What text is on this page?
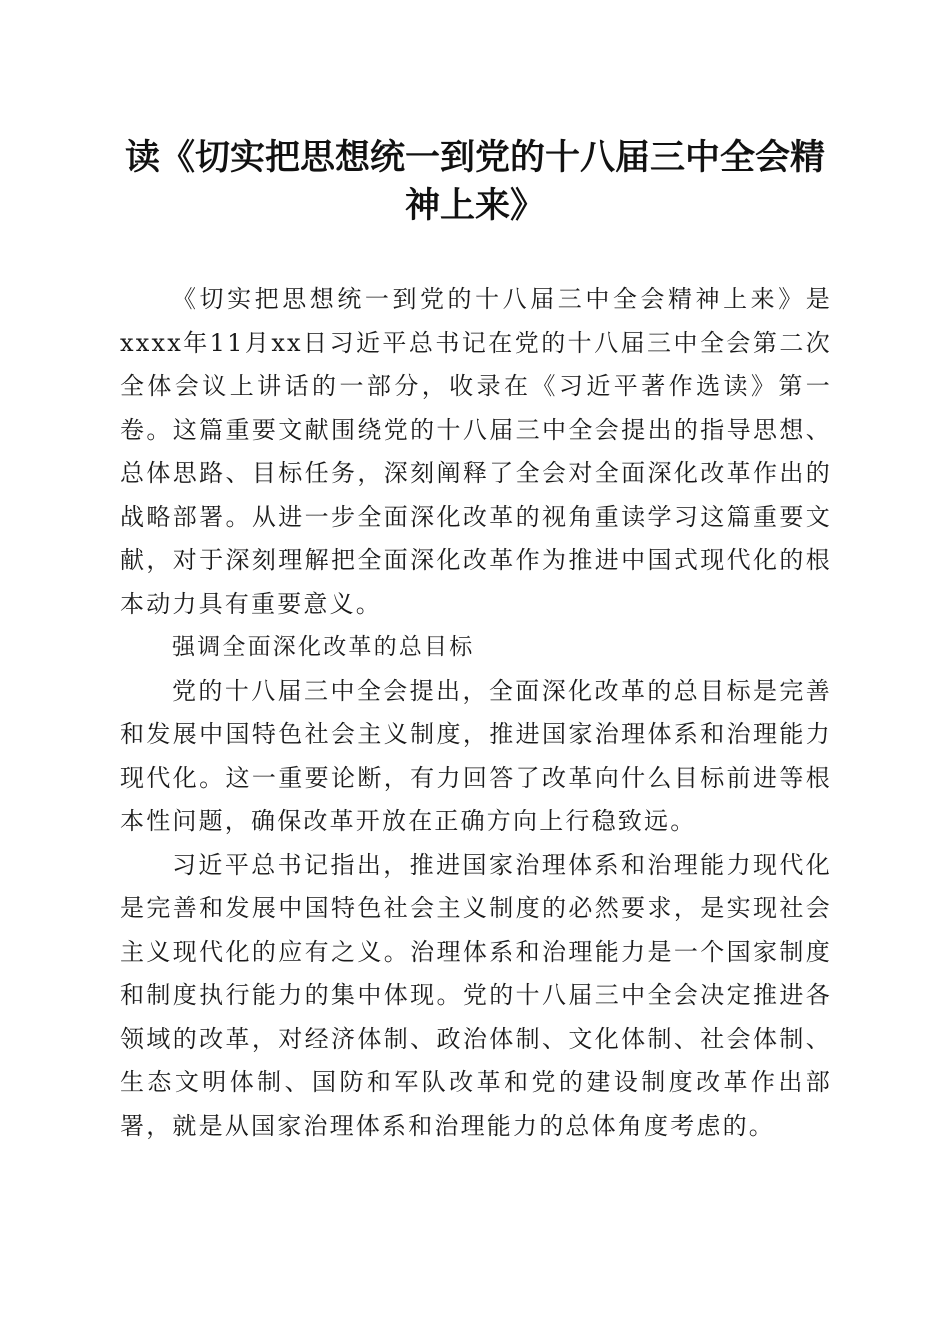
读《切实把思想统一到党的十八届三中全会精神上来》

《切实把思想统一到党的十八届三中全会精神上来》是xxxx年11月xx日习近平总书记在党的十八届三中全会第二次全体会议上讲话的一部分，收录在《习近平著作选读》第一卷。这篇重要文献围绕党的十八届三中全会提出的指导思想、总体思路、目标任务，深刻阐释了全会对全面深化改革作出的战略部署。从进一步全面深化改革的视角重读学习这篇重要文献，对于深刻理解把全面深化改革作为推进中国式现代化的根本动力具有重要意义。

强调全面深化改革的总目标

党的十八届三中全会提出，全面深化改革的总目标是完善和发展中国特色社会主义制度，推进国家治理体系和治理能力现代化。这一重要论断，有力回答了改革向什么目标前进等根本性问题，确保改革开放在正确方向上行稳致远。

习近平总书记指出，推进国家治理体系和治理能力现代化是完善和发展中国特色社会主义制度的必然要求，是实现社会主义现代化的应有之义。治理体系和治理能力是一个国家制度和制度执行能力的集中体现。党的十八届三中全会决定推进各领域的改革，对经济体制、政治体制、文化体制、社会体制、生态文明体制、国防和军队改革和党的建设制度改革作出部署，就是从国家治理体系和治理能力的总体角度考虑的。
